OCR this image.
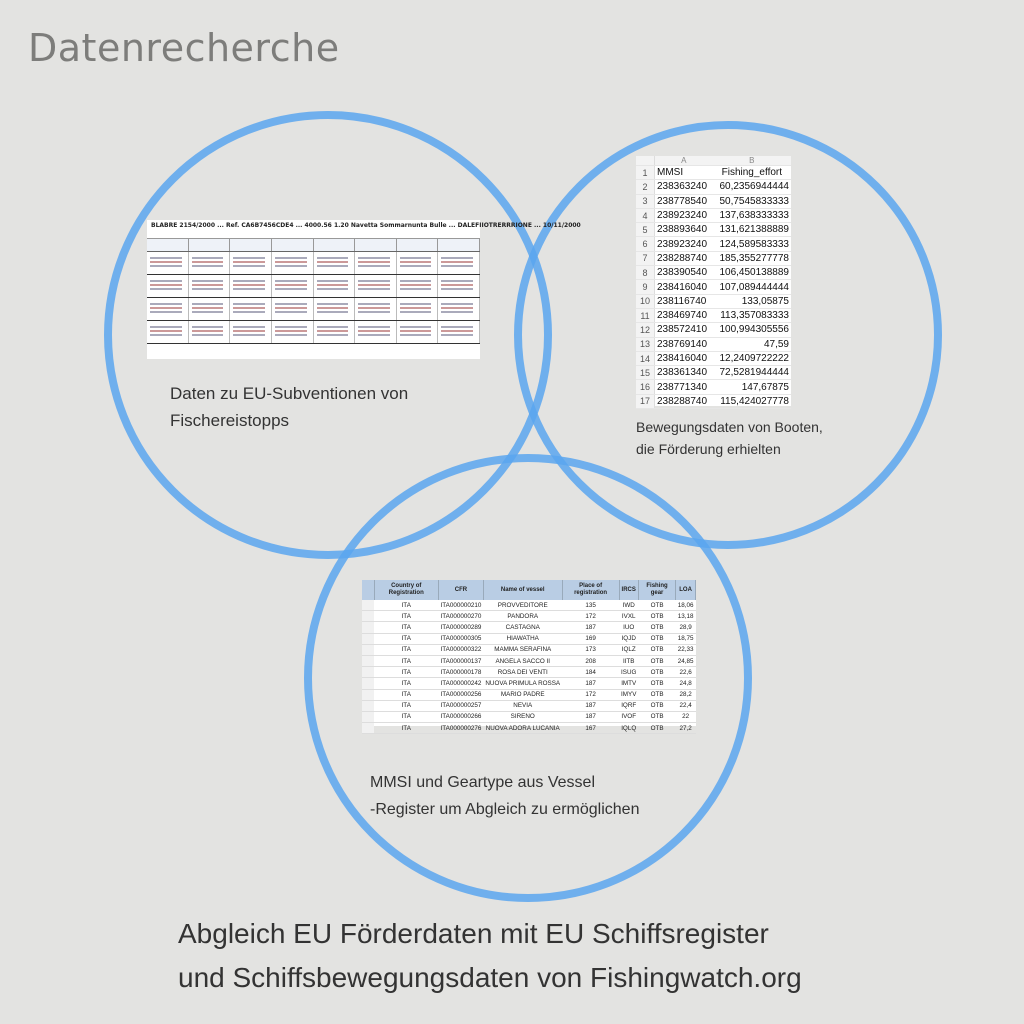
Datenrecherche
BLABRE 2154/2000 ... Ref. CA6B7456CDE4 ... 4000.56 1.20 Navetta Sommarnunta Bulle ... DALEFIIOTRERRRIONE ... 10/11/2000
Daten zu EU-Subventionen von
Fischereistopps
	A	B
1	MMSI	Fishing_effort
2	238363240	60,2356944444
3	238778540	50,7545833333
4	238923240	137,638333333
5	238893640	131,621388889
6	238923240	124,589583333
7	238288740	185,355277778
8	238390540	106,450138889
9	238416040	107,089444444
10	238116740	133,05875
11	238469740	113,357083333
12	238572410	100,994305556
13	238769140	47,59
14	238416040	12,2409722222
15	238361340	72,5281944444
16	238771340	147,67875
17	238288740	115,424027778
Bewegungsdaten von Booten,
die Förderung erhielten
	Country of Registration	CFR	Name of vessel	Place of registration	IRCS	Fishing gear	LOA
	ITA	ITA000000210	PROVVEDITORE	135	IWD	OTB	18,06
	ITA	ITA000000270	PANDORA	172	IVXL	OTB	13,18
	ITA	ITA000000289	CASTAGNA	187	IUO	OTB	28,9
	ITA	ITA000000305	HIAWATHA	169	IQJD	OTB	18,75
	ITA	ITA000000322	MAMMA SERAFINA	173	IQLZ	OTB	22,33
	ITA	ITA000000137	ANGELA SACCO II	208	IITB	OTB	24,85
	ITA	ITA000000178	ROSA DEI VENTI	184	ISUG	OTB	22,6
	ITA	ITA000000242	NUOVA PRIMULA ROSSA	187	IMTV	OTB	24,8
	ITA	ITA000000256	MARIO PADRE	172	IMYV	OTB	28,2
	ITA	ITA000000257	NEVIA	187	IQRF	OTB	22,4
	ITA	ITA000000266	SIRENO	187	IVOF	OTB	22
	ITA	ITA000000276	NUOVA ADORA LUCANIA	167	IQLQ	OTB	27,2
MMSI und Geartype aus Vessel
-Register um Abgleich zu ermöglichen
Abgleich EU Förderdaten mit EU Schiffsregister
und Schiffsbewegungsdaten von Fishingwatch.org
